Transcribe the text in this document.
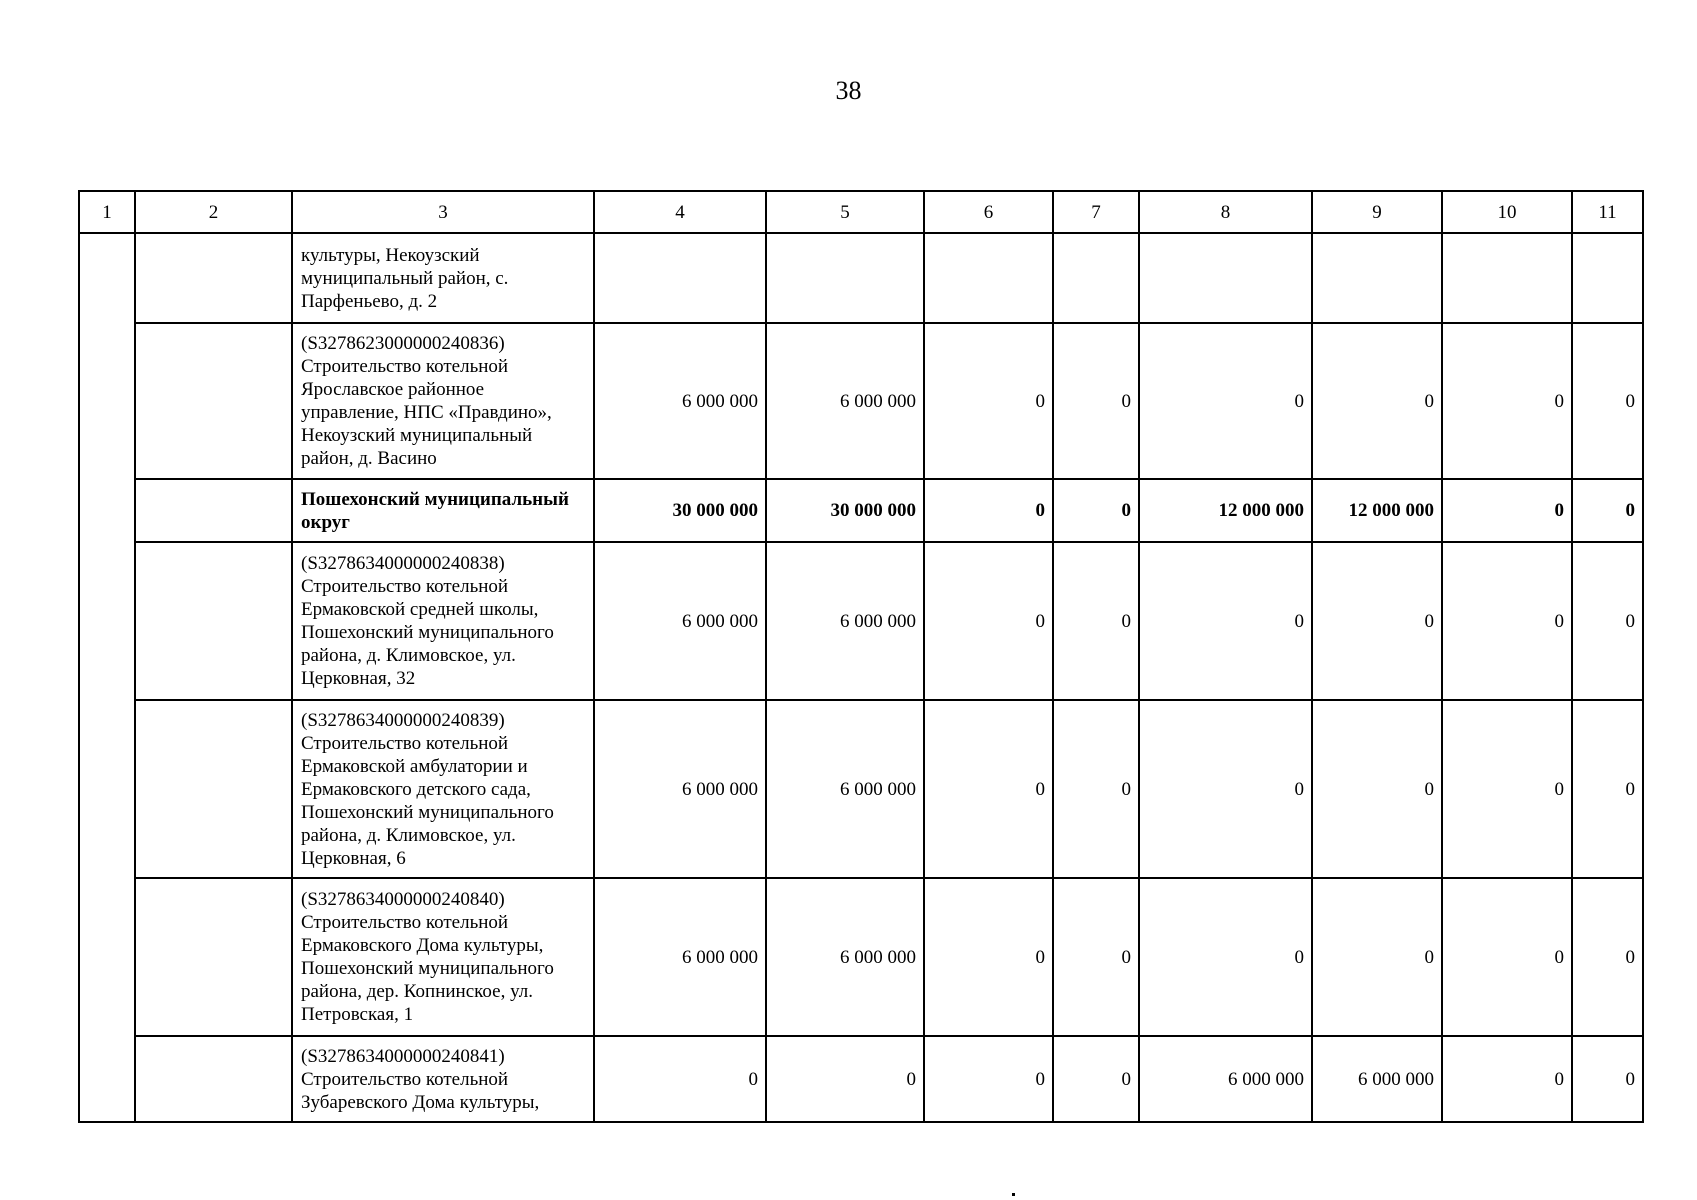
38
1	2	3	4	5	6	7	8	9	10	11
		культуры, Некоузский муниципальный район, с. Парфеньево, д. 2								
		(S3278623000000240836) Строительство котельной Ярославское районное управление, НПС «Правдино», Некоузский муниципальный район, д. Васино	6 000 000	6 000 000	0	0	0	0	0	0
		Пошехонский муниципальный округ	30 000 000	30 000 000	0	0	12 000 000	12 000 000	0	0
		(S3278634000000240838) Строительство котельной Ермаковской средней школы, Пошехонский муниципального района, д. Климовское, ул. Церковная, 32	6 000 000	6 000 000	0	0	0	0	0	0
		(S3278634000000240839) Строительство котельной Ермаковской амбулатории и Ермаковского детского сада, Пошехонский муниципального района, д. Климовское, ул. Церковная, 6	6 000 000	6 000 000	0	0	0	0	0	0
		(S3278634000000240840) Строительство котельной Ермаковского Дома культуры, Пошехонский муниципального района, дер. Копнинское, ул. Петровская, 1	6 000 000	6 000 000	0	0	0	0	0	0
		(S3278634000000240841) Строительство котельной Зубаревского Дома культуры,	0	0	0	0	6 000 000	6 000 000	0	0
